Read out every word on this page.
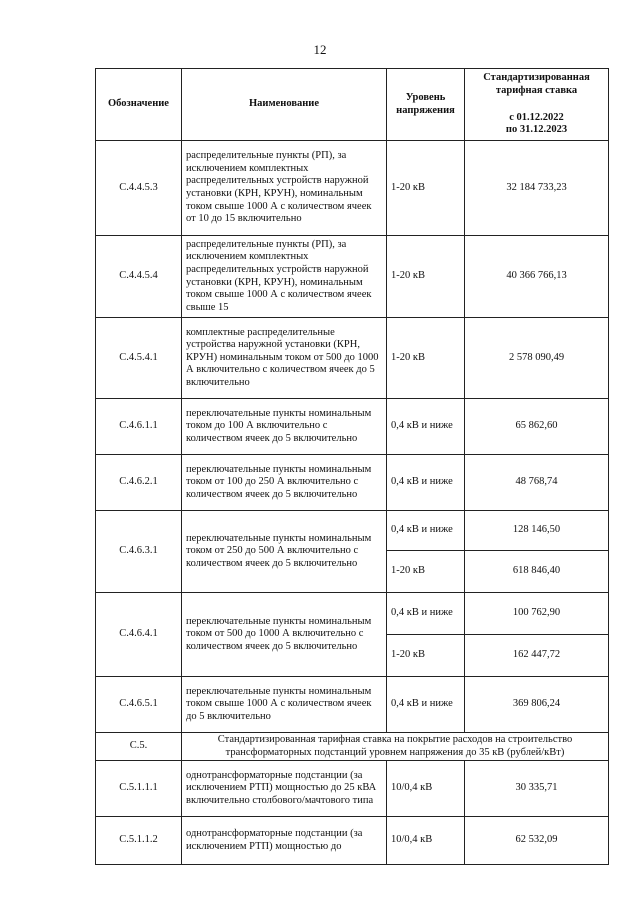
12
Обозначение	Наименование	Уровень напряжения	Стандартизированная тарифная ставка
с 01.12.2022
по 31.12.2023

С.4.4.5.3	распределительные пункты (РП), за исключением комплектных распределительных устройств наружной установки (КРН, КРУН), номинальным током свыше 1000 А с количеством ячеек от 10 до 15 включительно	1-20 кВ	32 184 733,23
С.4.4.5.4	распределительные пункты (РП), за исключением комплектных распределительных устройств наружной установки (КРН, КРУН), номинальным током свыше 1000 А с количеством ячеек свыше 15	1-20 кВ	40 366 766,13
С.4.5.4.1	комплектные распределительные устройства наружной установки (КРН, КРУН) номинальным током от 500 до 1000 А включительно с количеством ячеек до 5 включительно	1-20 кВ	2 578 090,49
С.4.6.1.1	переключательные пункты номинальным током до 100 А включительно с количеством ячеек до 5 включительно	0,4 кВ и ниже	65 862,60
С.4.6.2.1	переключательные пункты номинальным током от 100 до 250 А включительно с количеством ячеек до 5 включительно	0,4 кВ и ниже	48 768,74
С.4.6.3.1	переключательные пункты номинальным током от 250 до 500 А включительно с количеством ячеек до 5 включительно	0,4 кВ и ниже	128 146,50
		1-20 кВ	618 846,40
С.4.6.4.1	переключательные пункты номинальным током от 500 до 1000 А включительно с количеством ячеек до 5 включительно	0,4 кВ и ниже	100 762,90
		1-20 кВ	162 447,72
С.4.6.5.1	переключательные пункты номинальным током свыше 1000 А с количеством ячеек до 5 включительно	0,4 кВ и ниже	369 806,24
С.5.	Стандартизированная тарифная ставка на покрытие расходов на строительство трансформаторных подстанций уровнем напряжения до 35 кВ (рублей/кВт)		
С.5.1.1.1	однотрансформаторные подстанции (за исключением РТП) мощностью до 25 кВА включительно столбового/мачтового типа	10/0,4 кВ	30 335,71
С.5.1.1.2	однотрансформаторные подстанции (за исключением РТП) мощностью до	10/0,4 кВ	62 532,09
